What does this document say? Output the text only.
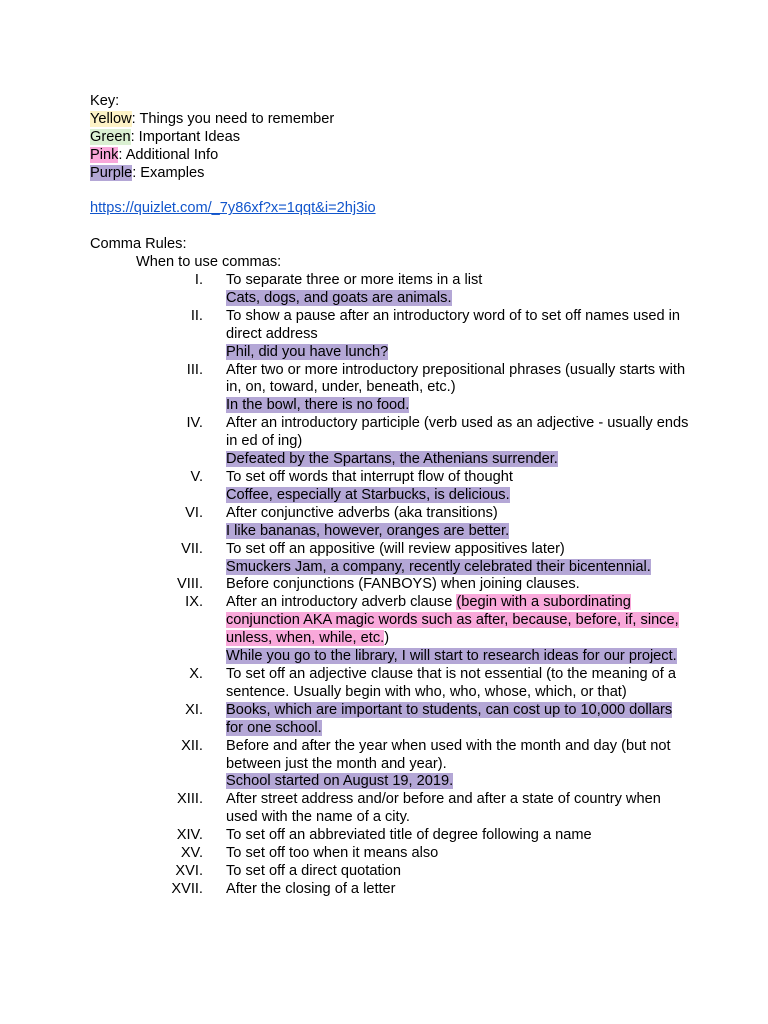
Key:
Yellow: Things you need to remember
Green: Important Ideas
Pink: Additional Info
Purple: Examples
https://quizlet.com/_7y86xf?x=1qqt&i=2hj3io
Comma Rules:
When to use commas:
I. To separate three or more items in a list
Cats, dogs, and goats are animals.
II. To show a pause after an introductory word of to set off names used in direct address
Phil, did you have lunch?
III. After two or more introductory prepositional phrases (usually starts with in, on, toward, under, beneath, etc.)
In the bowl, there is no food.
IV. After an introductory participle (verb used as an adjective - usually ends in ed of ing)
Defeated by the Spartans, the Athenians surrender.
V. To set off words that interrupt flow of thought
Coffee, especially at Starbucks, is delicious.
VI. After conjunctive adverbs (aka transitions)
I like bananas, however, oranges are better.
VII. To set off an appositive (will review appositives later)
Smuckers Jam, a company, recently celebrated their bicentennial.
VIII. Before conjunctions (FANBOYS) when joining clauses.
IX. After an introductory adverb clause (begin with a subordinating conjunction AKA magic words such as after, because, before, if, since, unless, when, while, etc.)
While you go to the library, I will start to research ideas for our project.
X. To set off an adjective clause that is not essential (to the meaning of a sentence. Usually begin with who, who, whose, which, or that)
XI. Books, which are important to students, can cost up to 10,000 dollars for one school.
XII. Before and after the year when used with the month and day (but not between just the month and year).
School started on August 19, 2019.
XIII. After street address and/or before and after a state of country when used with the name of a city.
XIV. To set off an abbreviated title of degree following a name
XV. To set off too when it means also
XVI. To set off a direct quotation
XVII. After the closing of a letter
